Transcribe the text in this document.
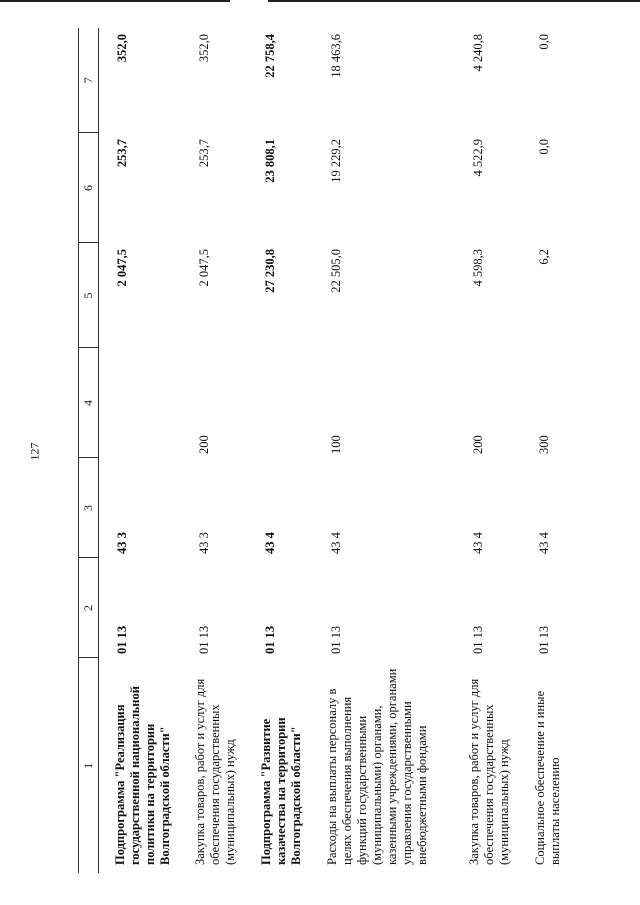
127
1	2	3	4	5	6	7
Подпрограмма "Реализация государственной национальной политики на территории Волгоградской области"	01 13	43 3		2 047,5	253,7	352,0
Закупка товаров, работ и услуг для обеспечения государственных (муниципальных) нужд	01 13	43 3	200	2 047,5	253,7	352,0
Подпрограмма "Развитие казачества на территории Волгоградской области"	01 13	43 4		27 230,8	23 808,1	22 758,4
Расходы на выплаты персоналу в целях обеспечения выполнения функций государственными (муниципальными) органами, казенными учреждениями, органами управления государственными внебюджетными фондами	01 13	43 4	100	22 505,0	19 229,2	18 463,6
Закупка товаров, работ и услуг для обеспечения государственных (муниципальных) нужд	01 13	43 4	200	4 598,3	4 522,9	4 240,8
Социальное обеспечение и иные выплаты населению	01 13	43 4	300	6,2	0,0	0,0
